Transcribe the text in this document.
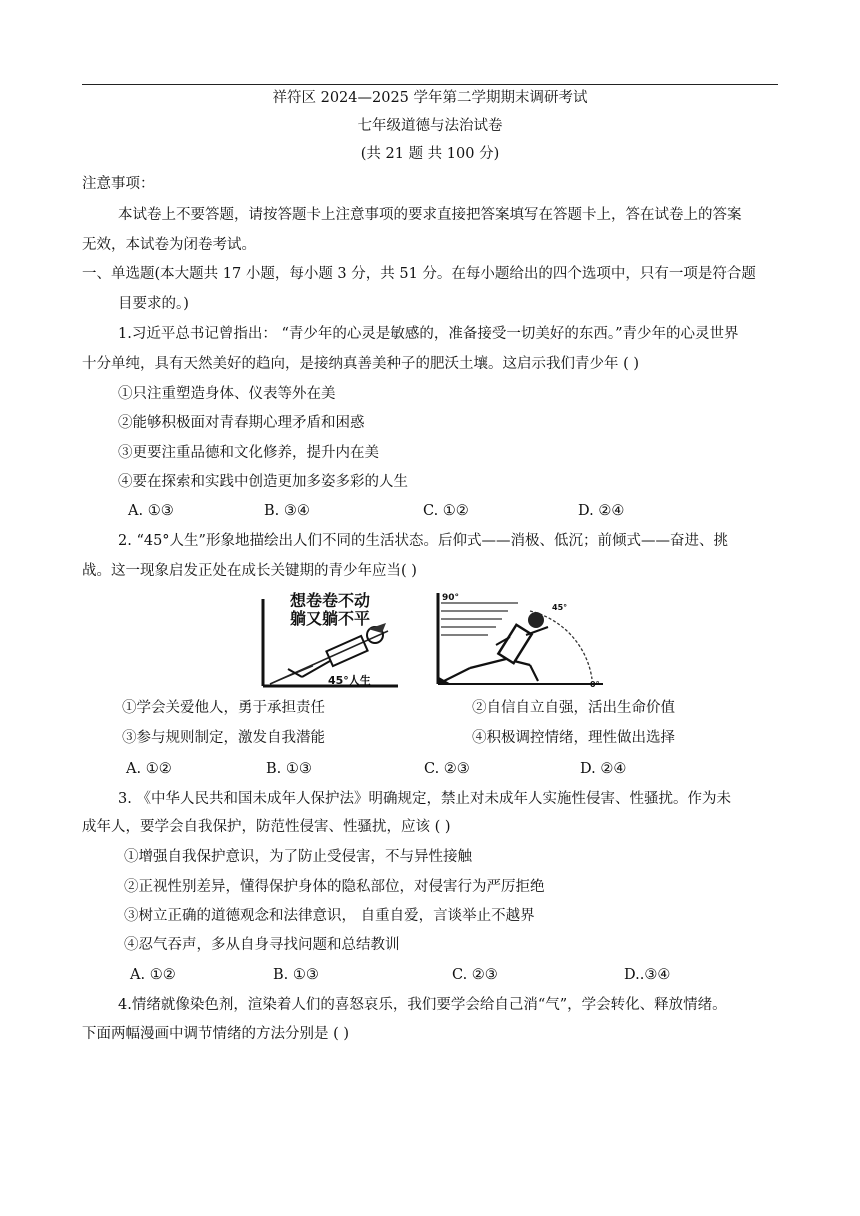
祥符区 2024—2025 学年第二学期期末调研考试
七年级道德与法治试卷
(共 21 题 共 100 分)
注意事项：
本试卷上不要答题，请按答题卡上注意事项的要求直接把答案填写在答题卡上，答在试卷上的答案
无效，本试卷为闭卷考试。
一、单选题(本大题共 17 小题，每小题 3 分，共 51 分。在每小题给出的四个选项中，只有一项是符合题
目要求的。)
1.习近平总书记曾指出： “青少年的心灵是敏感的，准备接受一切美好的东西。”青少年的心灵世界
十分单纯，具有天然美好的趋向，是接纳真善美种子的肥沃土壤。这启示我们青少年 ( )
①只注重塑造身体、仪表等外在美
②能够积极面对青春期心理矛盾和困惑
③更要注重品德和文化修养，提升内在美
④要在探索和实践中创造更加多姿多彩的人生
A. ①③	B. ③④	C. ①②	D. ②④
2. “45°人生”形象地描绘出人们不同的生活状态。后仰式——消极、低沉；前倾式——奋进、挑
战。这一现象启发正处在成长关键期的青少年应当( )
想卷卷不动
躺又躺不平
45°人生
90°
45°
0°
①学会关爱他人，勇于承担责任	②自信自立自强，活出生命价值
③参与规则制定，激发自我潜能	④积极调控情绪，理性做出选择
A. ①②	B. ①③	C. ②③	D. ②④
3. 《中华人民共和国未成年人保护法》明确规定，禁止对未成年人实施性侵害、性骚扰。作为未
成年人，要学会自我保护，防范性侵害、性骚扰，应该 ( )
①增强自我保护意识，为了防止受侵害，不与异性接触
②正视性别差异，懂得保护身体的隐私部位，对侵害行为严厉拒绝
③树立正确的道德观念和法律意识， 自重自爱，言谈举止不越界
④忍气吞声，多从自身寻找问题和总结教训
A. ①②	B. ①③	C. ②③	D..③④
4.情绪就像染色剂，渲染着人们的喜怒哀乐，我们要学会给自己消“气”，学会转化、释放情绪。
下面两幅漫画中调节情绪的方法分别是 ( )
